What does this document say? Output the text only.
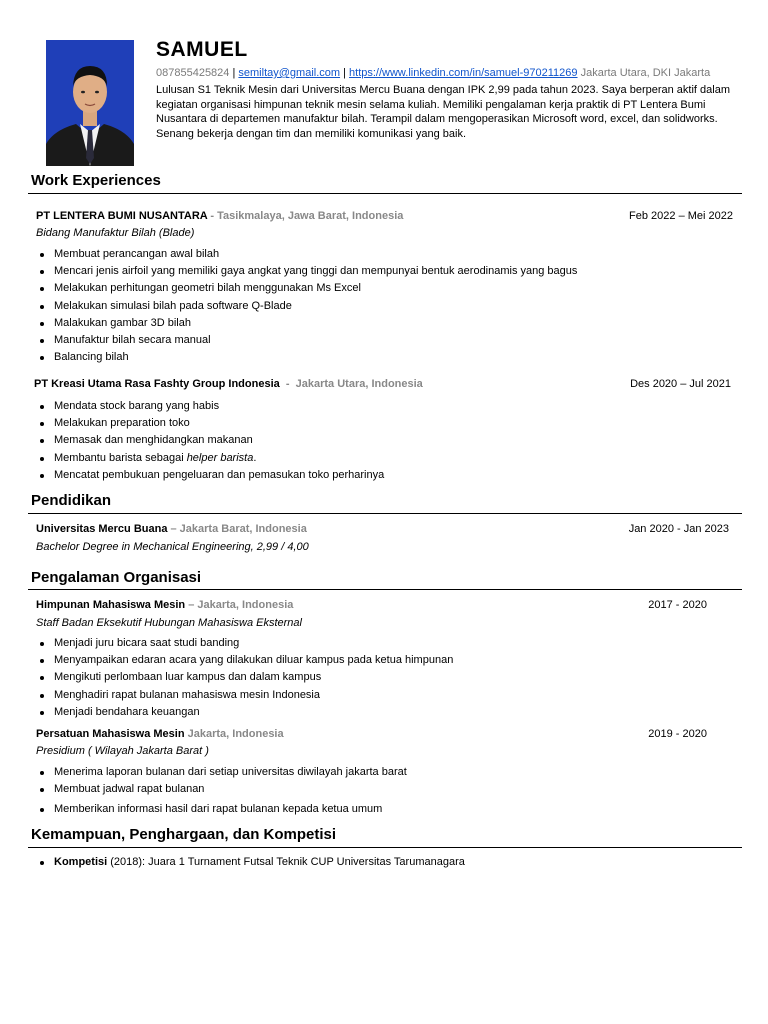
SAMUEL
087855425824 | semiltay@gmail.com | https://www.linkedin.com/in/samuel-970211269 Jakarta Utara, DKI Jakarta
Lulusan S1 Teknik Mesin dari Universitas Mercu Buana dengan IPK 2,99 pada tahun 2023. Saya berperan aktif dalam kegiatan organisasi himpunan teknik mesin selama kuliah. Memiliki pengalaman kerja praktik di PT Lentera Bumi Nusantara di departemen manufaktur bilah. Terampil dalam mengoperasikan Microsoft word, excel, dan solidworks. Senang bekerja dengan tim dan memiliki komunikasi yang baik.
Work Experiences
PT LENTERA BUMI NUSANTARA - Tasikmalaya, Jawa Barat, Indonesia	Feb 2022 – Mei 2022
Bidang Manufaktur Bilah (Blade)
Membuat perancangan awal bilah
Mencari jenis airfoil yang memiliki gaya angkat yang tinggi dan mempunyai bentuk aerodinamis yang bagus
Melakukan perhitungan geometri bilah menggunakan Ms Excel
Melakukan simulasi bilah pada software Q-Blade
Malakukan gambar 3D bilah
Manufaktur bilah secara manual
Balancing bilah
PT Kreasi Utama Rasa Fashty Group Indonesia  -  Jakarta Utara, Indonesia	Des 2020 – Jul 2021
Mendata stock barang yang habis
Melakukan preparation toko
Memasak dan menghidangkan makanan
Membantu barista sebagai helper barista.
Mencatat pembukuan pengeluaran dan pemasukan toko perharinya
Pendidikan
Universitas Mercu Buana – Jakarta Barat, Indonesia	Jan 2020 - Jan 2023
Bachelor Degree in Mechanical Engineering, 2,99 / 4,00
Pengalaman Organisasi
Himpunan Mahasiswa Mesin – Jakarta, Indonesia	2017 - 2020
Staff Badan Eksekutif Hubungan Mahasiswa Eksternal
Menjadi juru bicara saat studi banding
Menyampaikan edaran acara yang dilakukan diluar kampus pada ketua himpunan
Mengikuti perlombaan luar kampus dan dalam kampus
Menghadiri rapat bulanan mahasiswa mesin Indonesia
Menjadi bendahara keuangan
Persatuan Mahasiswa Mesin Jakarta, Indonesia	2019 - 2020
Presidium ( Wilayah Jakarta Barat )
Menerima laporan bulanan dari setiap universitas diwilayah jakarta barat
Membuat jadwal rapat bulanan
Memberikan informasi hasil dari rapat bulanan kepada ketua umum
Kemampuan, Penghargaan, dan Kompetisi
Kompetisi (2018): Juara 1 Turnament Futsal Teknik CUP Universitas Tarumanagara
